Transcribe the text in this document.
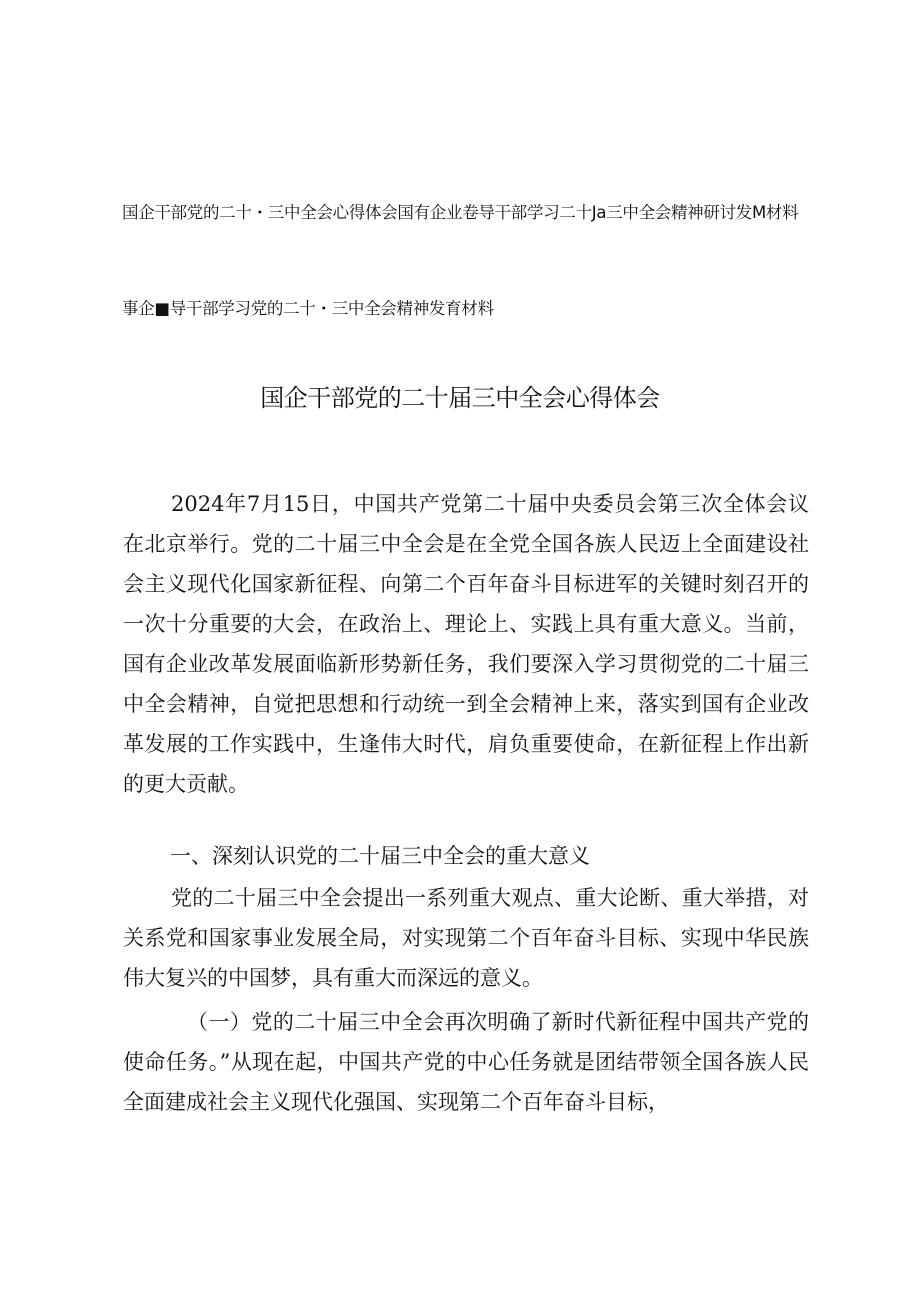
国企干部党的二十・三中全会心得体会国有企业卷导干部学习二十Ja三中全会精神研讨发M材料
事企■导干部学习党的二十・三中全会精神发育材料
国企干部党的二十届三中全会心得体会

2024年7月15日，中国共产党第二十届中央委员会第三次全体会议在北京举行。党的二十届三中全会是在全党全国各族人民迈上全面建设社会主义现代化国家新征程、向第二个百年奋斗目标进军的关键时刻召开的一次十分重要的大会，在政治上、理论上、实践上具有重大意义。当前，国有企业改革发展面临新形势新任务，我们要深入学习贯彻党的二十届三中全会精神，自觉把思想和行动统一到全会精神上来，落实到国有企业改革发展的工作实践中，生逢伟大时代，肩负重要使命，在新征程上作出新的更大贡献。

一、深刻认识党的二十届三中全会的重大意义

党的二十届三中全会提出一系列重大观点、重大论断、重大举措，对关系党和国家事业发展全局，对实现第二个百年奋斗目标、实现中华民族伟大复兴的中国梦，具有重大而深远的意义。

（一）党的二十届三中全会再次明确了新时代新征程中国共产党的使命任务。”从现在起，中国共产党的中心任务就是团结带领全国各族人民全面建成社会主义现代化强国、实现第二个百年奋斗目标，
